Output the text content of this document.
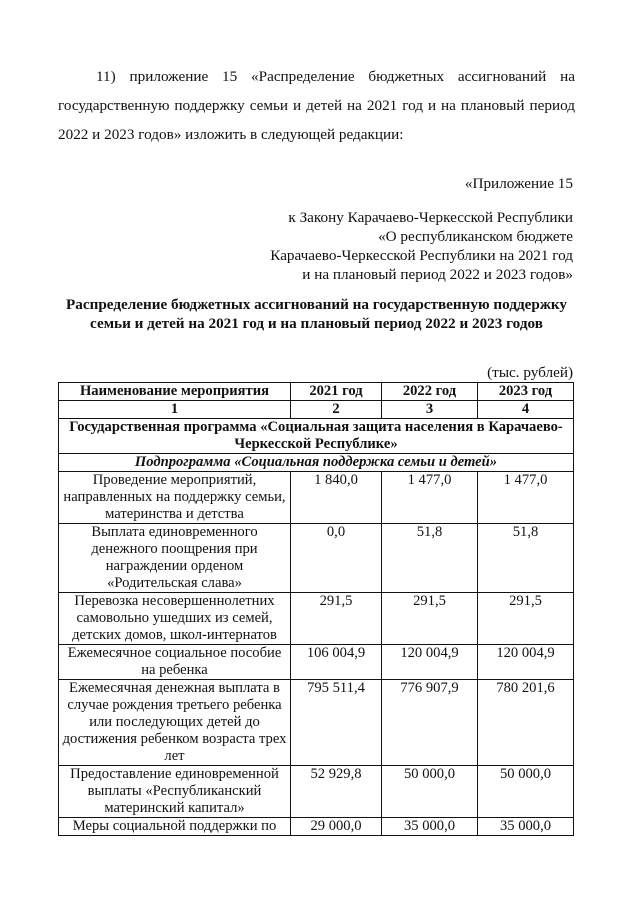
11) приложение 15 «Распределение бюджетных ассигнований на государственную поддержку семьи и детей на 2021 год и на плановый период 2022 и 2023 годов» изложить в следующей редакции:

«Приложение 15
к Закону Карачаево-Черкесской Республики
«О республиканском бюджете
Карачаево-Черкесской Республики на 2021 год
и на плановый период 2022 и 2023 годов»
Распределение бюджетных ассигнований на государственную поддержку семьи и детей на 2021 год и на плановый период 2022 и 2023 годов
(тыс. рублей)
Наименование мероприятия	2021 год	2022 год	2023 год
1	2	3	4
Государственная программа «Социальная защита населения в Карачаево-Черкесской Республике»			
Подпрограмма «Социальная поддержка семьи и детей»			
Проведение мероприятий, направленных на поддержку семьи, материнства и детства	1 840,0	1 477,0	1 477,0
Выплата единовременного денежного поощрения при награждении орденом «Родительская слава»	0,0	51,8	51,8
Перевозка несовершеннолетних самовольно ушедших из семей, детских домов, школ-интернатов	291,5	291,5	291,5
Ежемесячное социальное пособие на ребенка	106 004,9	120 004,9	120 004,9
Ежемесячная денежная выплата в случае рождения третьего ребенка или последующих детей до достижения ребенком возраста трех лет	795 511,4	776 907,9	780 201,6
Предоставление единовременной выплаты «Республиканский материнский капитал»	52 929,8	50 000,0	50 000,0
Меры социальной поддержки по	29 000,0	35 000,0	35 000,0
